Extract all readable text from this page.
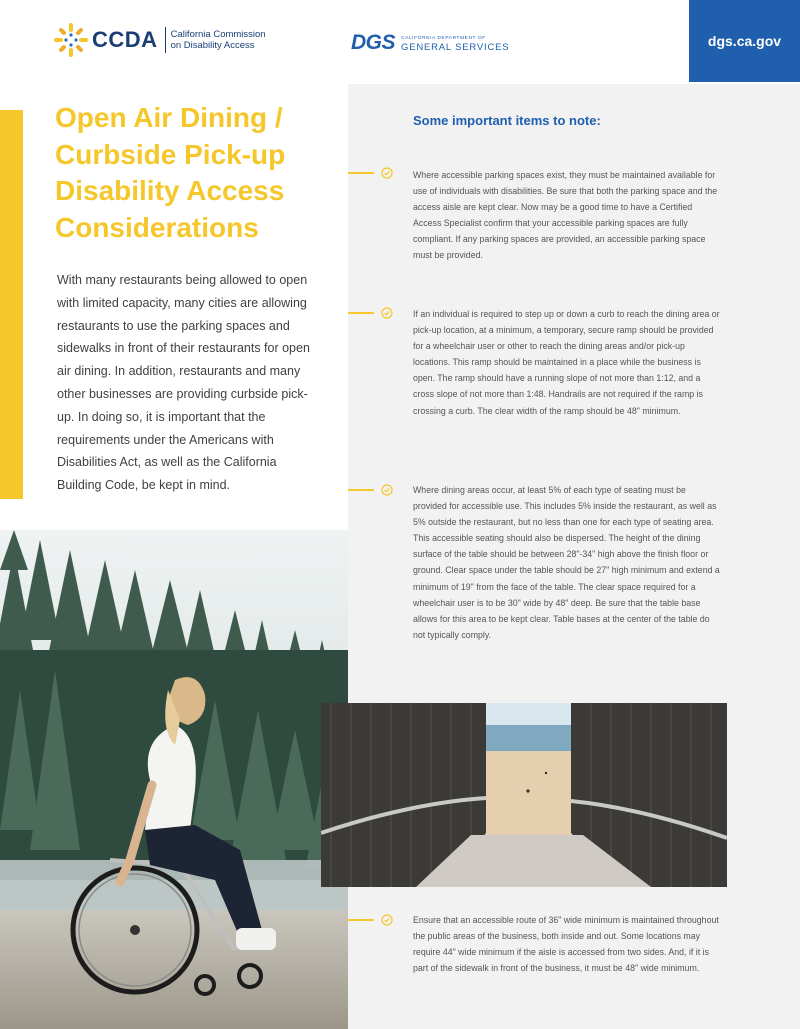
CCDA California Commission
on Disability Access	DGS CALIFORNIA DEPARTMENT OF
GENERAL SERVICES	dgs.ca.gov
Open Air Dining /
Curbside Pick-up
Disability Access
Considerations

With many restaurants being allowed to open with limited capacity, many cities are allowing restaurants to use the parking spaces and sidewalks in front of their restaurants for open air dining. In addition, restaurants and many other businesses are providing curbside pick-up. In doing so, it is important that the requirements under the Americans with Disabilities Act, as well as the California Building Code, be kept in mind.

Some important items to note:

Where accessible parking spaces exist, they must be maintained available for use of individuals with disabilities. Be sure that both the parking space and the access aisle are kept clear. Now may be a good time to have a Certified Access Specialist confirm that your accessible parking spaces are fully compliant. If any parking spaces are provided, an accessible parking space must be provided.

If an individual is required to step up or down a curb to reach the dining area or pick-up location, at a minimum, a temporary, secure ramp should be provided for a wheelchair user or other to reach the dining areas and/or pick-up locations. This ramp should be maintained in a place while the business is open. The ramp should have a running slope of not more than 1:12, and a cross slope of not more than 1:48. Handrails are not required if the ramp is crossing a curb. The clear width of the ramp should be 48" minimum.

Where dining areas occur, at least 5% of each type of seating must be provided for accessible use. This includes 5% inside the restaurant, as well as 5% outside the restaurant, but no less than one for each type of seating area. This accessible seating should also be dispersed. The height of the dining surface of the table should be between 28"-34" high above the finish floor or ground. Clear space under the table should be 27" high minimum and extend a minimum of 19" from the face of the table. The clear space required for a wheelchair user is to be 30" wide by 48" deep. Be sure that the table base allows for this area to be kept clear. Table bases at the center of the table do not typically comply.

Ensure that an accessible route of 36" wide minimum is maintained throughout the public areas of the business, both inside and out. Some locations may require 44" wide minimum if the aisle is accessed from two sides. And, if it is part of the sidewalk in front of the business, it must be 48" wide minimum.
